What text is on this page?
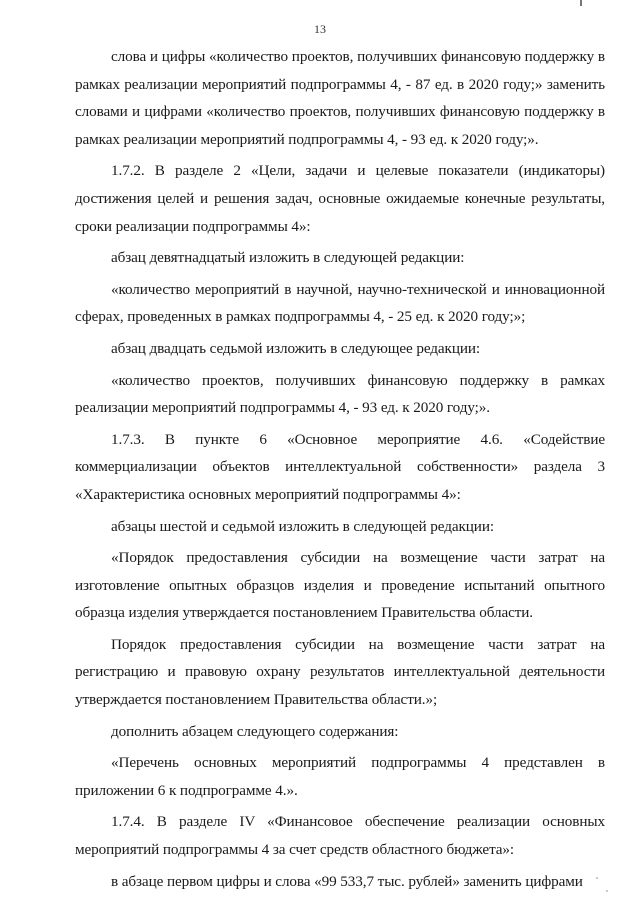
13

слова и цифры «количество проектов, получивших финансовую поддержку в рамках реализации мероприятий подпрограммы 4, - 87 ед. в 2020 году;» заменить словами и цифрами «количество проектов, получивших финансовую поддержку в рамках реализации мероприятий подпрограммы 4, - 93 ед. к 2020 году;».

1.7.2. В разделе 2 «Цели, задачи и целевые показатели (индикаторы) достижения целей и решения задач, основные ожидаемые конечные результаты, сроки реализации подпрограммы 4»:

абзац девятнадцатый изложить в следующей редакции:

«количество мероприятий в научной, научно-технической и инновационной сферах, проведенных в рамках подпрограммы 4, - 25 ед. к 2020 году;»;

абзац двадцать седьмой изложить в следующее редакции:

«количество проектов, получивших финансовую поддержку в рамках реализации мероприятий подпрограммы 4, - 93 ед. к 2020 году;».

1.7.3. В пункте 6 «Основное мероприятие 4.6. «Содействие коммерциализации объектов интеллектуальной собственности» раздела 3 «Характеристика основных мероприятий подпрограммы 4»:

абзацы шестой и седьмой изложить в следующей редакции:

«Порядок предоставления субсидии на возмещение части затрат на изготовление опытных образцов изделия и проведение испытаний опытного образца изделия утверждается постановлением Правительства области.

Порядок предоставления субсидии на возмещение части затрат на регистрацию и правовую охрану результатов интеллектуальной деятельности утверждается постановлением Правительства области.»;

дополнить абзацем следующего содержания:

«Перечень основных мероприятий подпрограммы 4 представлен в приложении 6 к подпрограмме 4.».

1.7.4. В разделе IV «Финансовое обеспечение реализации основных мероприятий подпрограммы 4 за счет средств областного бюджета»:

в абзаце первом цифры и слова «99 533,7 тыс. рублей» заменить цифрами
